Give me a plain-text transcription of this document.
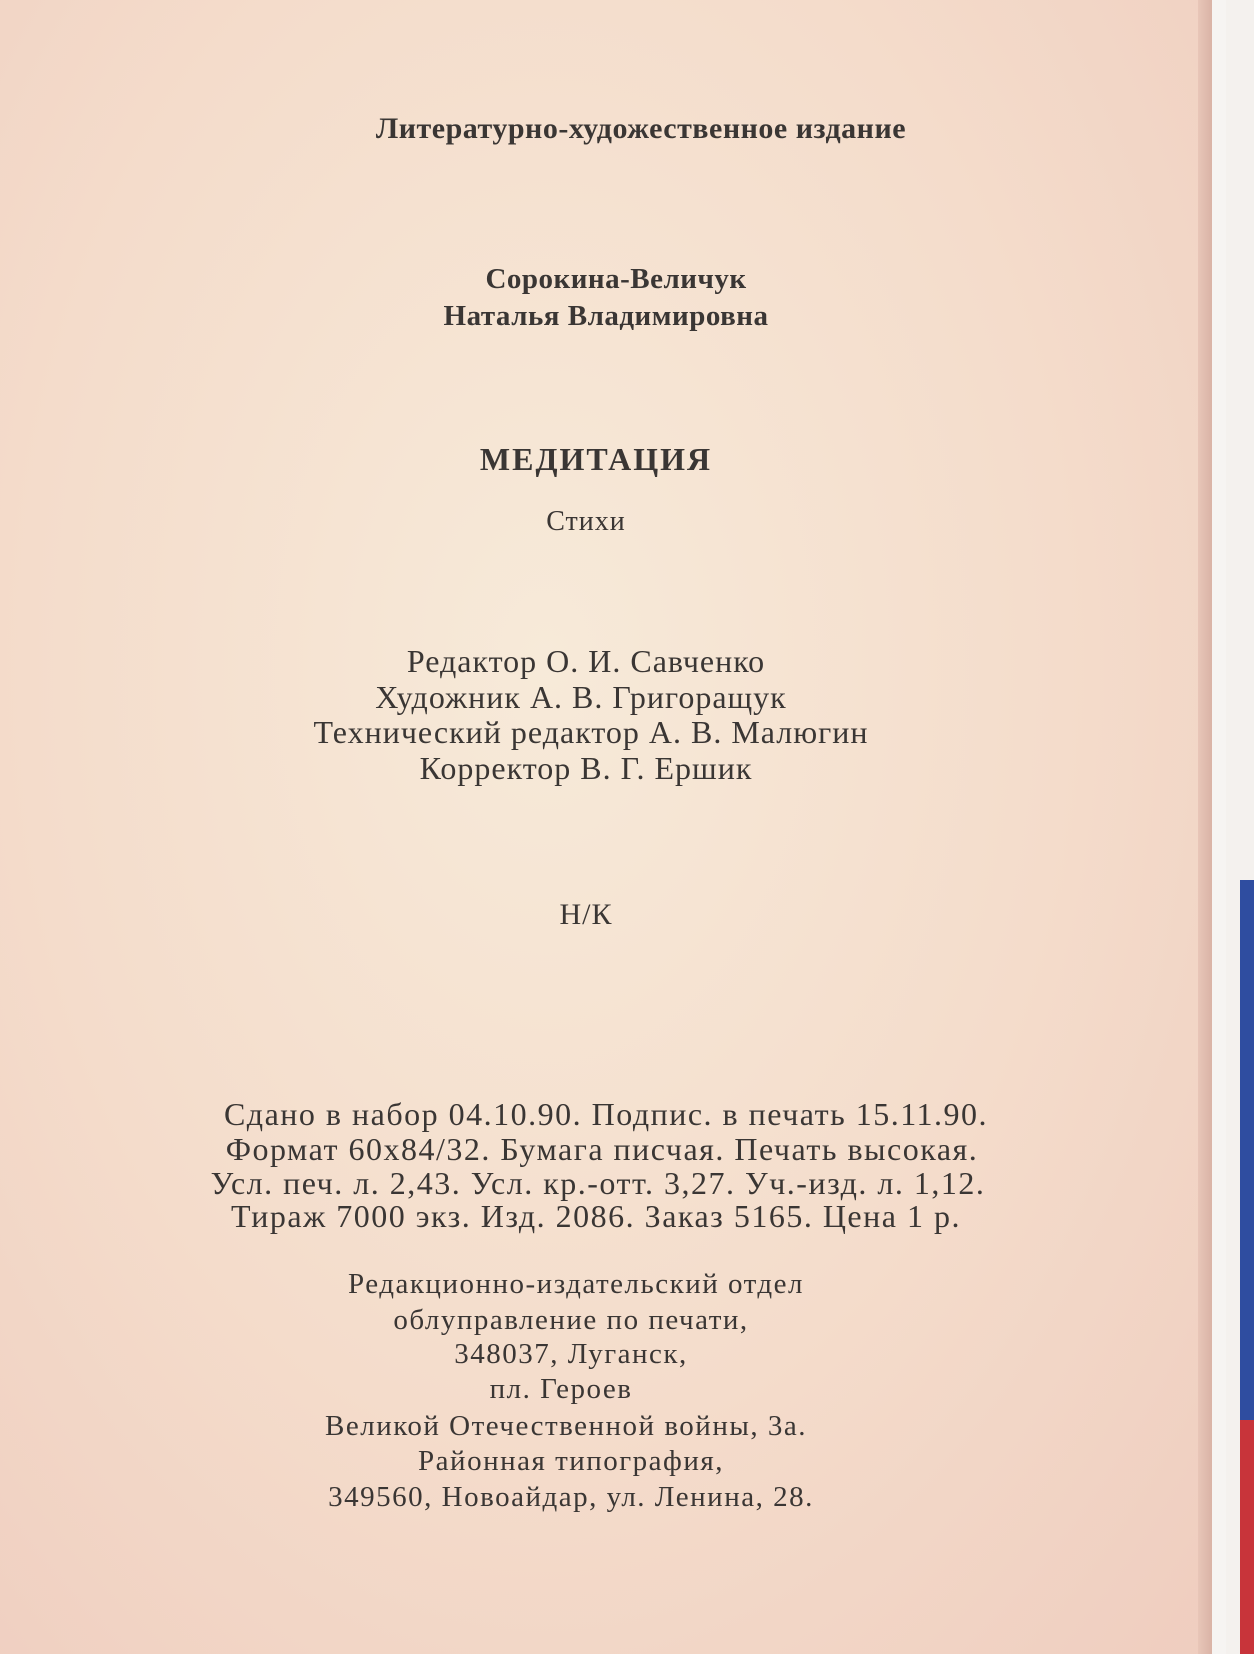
Литературно-художественное издание
Сорокина-Величук
Наталья Владимировна
МЕДИТАЦИЯ
Стихи
Редактор О. И. Савченко
Художник А. В. Григоращук
Технический редактор А. В. Малюгин
Корректор В. Г. Ершик
Н/К
Сдано в набор 04.10.90. Подпис. в печать 15.11.90.
Формат 60х84/32. Бумага писчая. Печать высокая.
Усл. печ. л. 2,43. Усл. кр.-отт. 3,27. Уч.-изд. л. 1,12.
Тираж 7000 экз. Изд. 2086. Заказ 5165. Цена 1 р.
Редакционно-издательский отдел
облуправление по печати,
348037, Луганск,
пл. Героев
Великой Отечественной войны, 3а.
Районная типография,
349560, Новоайдар, ул. Ленина, 28.
